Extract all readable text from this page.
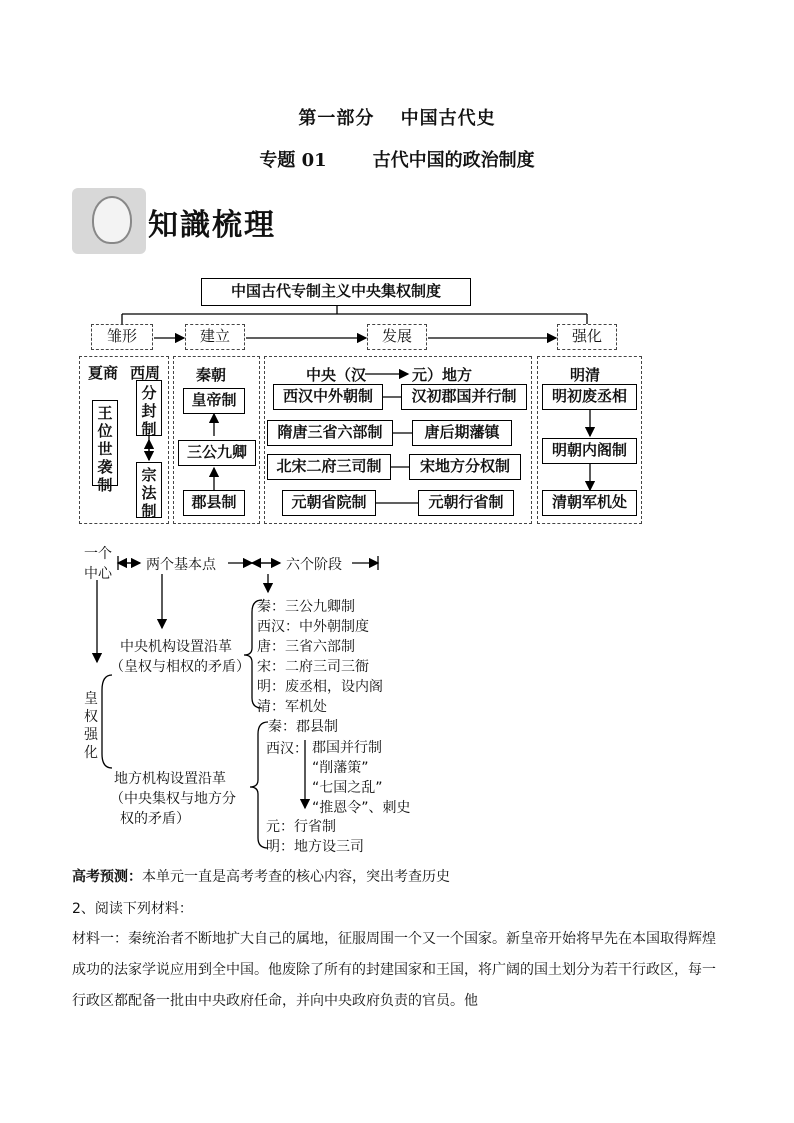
第一部分　 中国古代史
专题 01	古代中国的政治制度
知識梳理
中国古代专制主义中央集权制度
雏形	建立	发展	强化
夏商 西周
王位世袭制
分封制
宗法制
秦朝
皇帝制
三公九卿
郡县制
中央（汉	元）地方
西汉中外朝制	汉初郡国并行制
隋唐三省六部制	唐后期藩镇
北宋二府三司制	宋地方分权制
元朝省院制	元朝行省制
明清
明初废丞相
明朝内阁制
清朝军机处
一个
中心
两个基本点	六个阶段
中央机构设置沿革
（皇权与相权的矛盾）
皇权强化
地方机构设置沿革
（中央集权与地方分
权的矛盾）
秦：三公九卿制
西汉：中外朝制度
唐：三省六部制
宋：二府三司三衙
明：废丞相，设内阁
清：军机处
秦：郡县制
西汉： 郡国并行制
“削藩策”
“七国之乱”
“推恩令”、刺史
元：行省制
明：地方设三司
高考预测：本单元一直是高考考查的核心内容，突出考查历史
2、阅读下列材料：
材料一：秦统治者不断地扩大自己的属地，征服周围一个又一个国家。新皇帝开始将早先在本国取得辉煌成功的法家学说应用到全中国。他废除了所有的封建国家和王国，将广阔的国土划分为若干行政区，每一行政区都配备一批由中央政府任命，并向中央政府负责的官员。他
